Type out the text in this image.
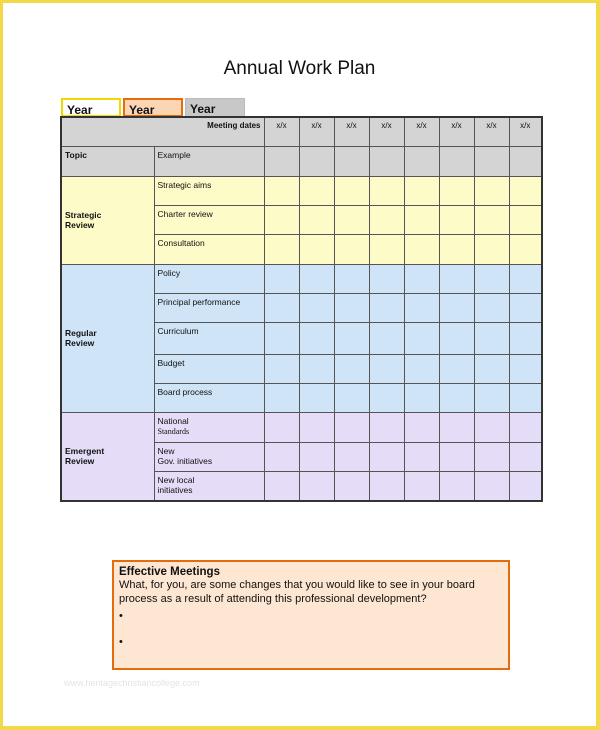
Annual Work Plan
Year	Year	Year
Meeting dates		x/x	x/x	x/x	x/x	x/x	x/x	x/x	x/x
Topic	Example								
Strategic
Review	Strategic aims								
	Charter review								
	Consultation								
Regular
Review	Policy								
	Principal performance								
	Curriculum								
	Budget								
	Board process								
Emergent
Review	National
Standards								
	New
Gov. initiatives								
	New local
initiatives								
Effective Meetings
What, for you, are some changes that you would like to see in your board process as a result of attending this professional development?
•
•
www.heritagechristiancollege.com
